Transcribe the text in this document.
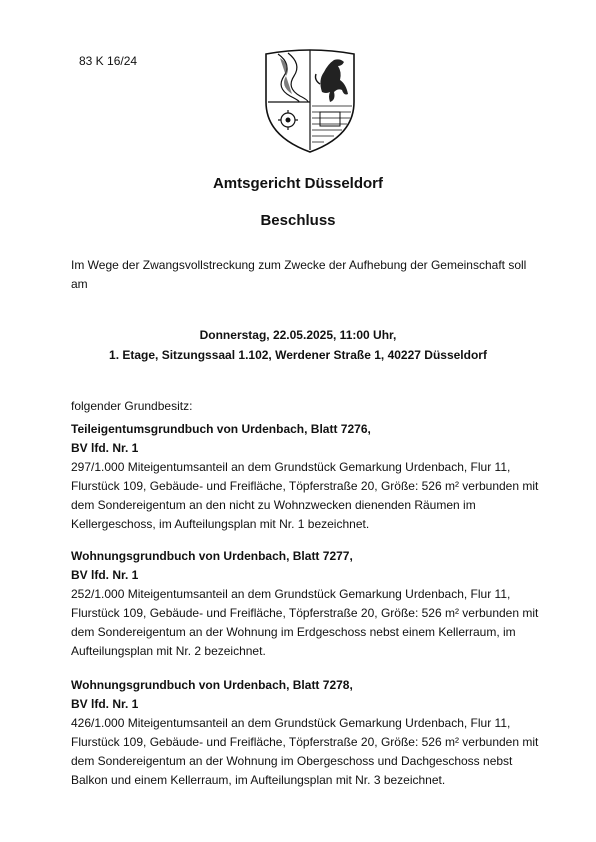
83 K 16/24
Amtsgericht Düsseldorf
Beschluss
Im Wege der Zwangsvollstreckung zum Zwecke der Aufhebung der Gemeinschaft soll am
Donnerstag, 22.05.2025, 11:00 Uhr,
1. Etage, Sitzungssaal 1.102, Werdener Straße 1, 40227 Düsseldorf
folgender Grundbesitz:

Teileigentumsgrundbuch von Urdenbach, Blatt 7276,

BV lfd. Nr. 1

297/1.000 Miteigentumsanteil an dem Grundstück Gemarkung Urdenbach, Flur 11, Flurstück 109, Gebäude- und Freifläche, Töpferstraße 20, Größe: 526 m² verbunden mit dem Sondereigentum an den nicht zu Wohnzwecken dienenden Räumen im Kellergeschoss, im Aufteilungsplan mit Nr. 1 bezeichnet.

Wohnungsgrundbuch von Urdenbach, Blatt 7277,

BV lfd. Nr. 1

252/1.000 Miteigentumsanteil an dem Grundstück Gemarkung Urdenbach, Flur 11, Flurstück 109, Gebäude- und Freifläche, Töpferstraße 20, Größe: 526 m² verbunden mit dem Sondereigentum an der Wohnung im Erdgeschoss nebst einem Kellerraum, im Aufteilungsplan mit Nr. 2 bezeichnet.

Wohnungsgrundbuch von Urdenbach, Blatt 7278,

BV lfd. Nr. 1

426/1.000 Miteigentumsanteil an dem Grundstück Gemarkung Urdenbach, Flur 11, Flurstück 109, Gebäude- und Freifläche, Töpferstraße 20, Größe: 526 m² verbunden mit dem Sondereigentum an der Wohnung im Obergeschoss und Dachgeschoss nebst Balkon und einem Kellerraum, im Aufteilungsplan mit Nr. 3 bezeichnet.
